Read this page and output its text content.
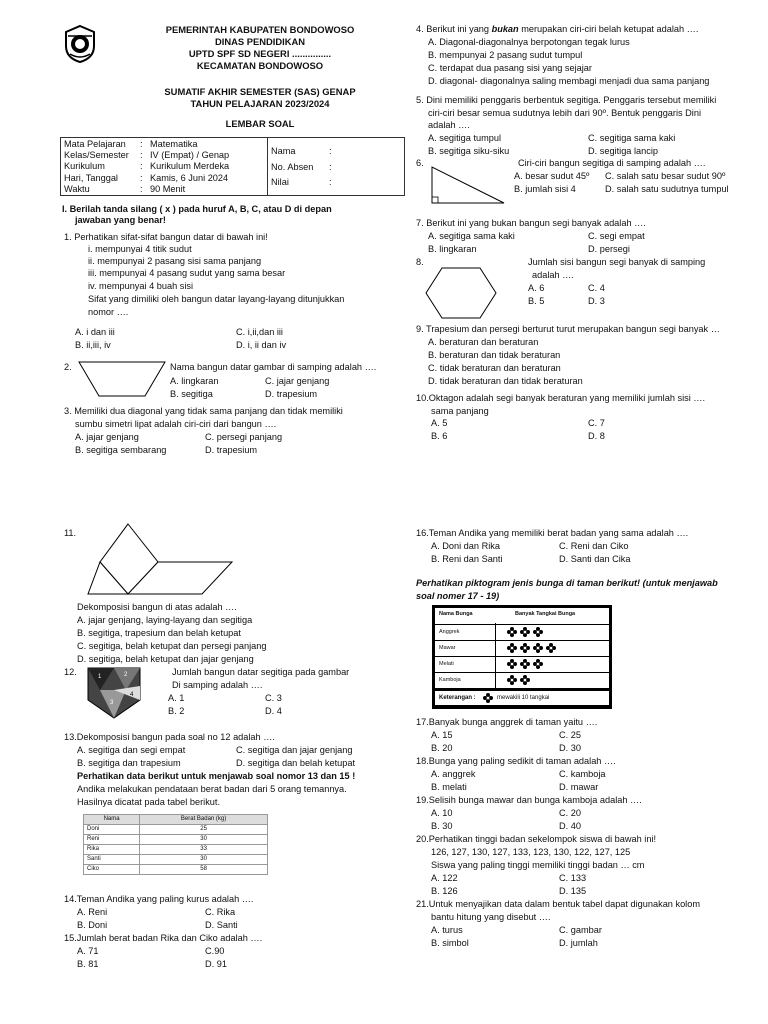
PEMERINTAH KABUPATEN BONDOWOSO
DINAS PENDIDIKAN
UPTD SPF SD NEGERI ...............
KECAMATAN BONDOWOSO
SUMATIF AKHIR SEMESTER (SAS) GENAP
TAHUN PELAJARAN 2023/2024
LEMBAR SOAL
Mata Pelajaran : Matematika
Kelas/Semester : IV (Empat) / Genap
Kurikulum	: Kurikulum Merdeka
Hari, Tanggal : Kamis, 6 Juni 2024
Waktu	: 90 Menit

Nama	:
No. Absen :
Nilai	:
I. Berilah tanda silang ( x ) pada huruf A, B, C, atau D di depan
jawaban yang benar!
1. Perhatikan sifat-sifat bangun datar di bawah ini!
i. mempunyai 4 titik sudut
ii. mempunyai 2 pasang sisi sama panjang
iii. mempunyai 4 pasang sudut yang sama besar
iv. mempunyai 4 buah sisi
Sifat yang dimiliki oleh bangun datar layang-layang ditunjukkan
nomor ….
A. i dan iii
B. ii,iii, iv
C. i,ii,dan iii
D. i, ii dan iv
2.	Nama bangun datar gambar di samping adalah ….
A. lingkaran
B. segitiga
C. jajar genjang
D. trapesium
3. Memiliki dua diagonal yang tidak sama panjang dan tidak memiliki
sumbu simetri lipat adalah ciri-ciri dari bangun ….
A. jajar genjang
B. segitiga sembarang
C. persegi panjang
D. trapesium
4. Berikut ini yang bukan merupakan ciri-ciri belah ketupat adalah ….
A. Diagonal-diagonalnya berpotongan tegak lurus
B. mempunyai 2 pasang sudut tumpul
C. terdapat dua pasang sisi yang sejajar
D. diagonal- diagonalnya saling membagi menjadi dua sama panjang
5. Dini memiliki penggaris berbentuk segitiga. Penggaris tersebut memiliki
ciri-ciri besar semua sudutnya lebih dari 90º. Bentuk penggaris Dini
adalah ….
A. segitiga tumpul
B. segitiga siku-siku
C. segitiga sama kaki
D. segitiga lancip
6.	Ciri-ciri bangun segitiga di samping adalah ….
A. besar sudut 45º C. salah satu besar sudut 90º
B. jumlah sisi 4	D. salah satu sudutnya tumpul
7. Berikut ini yang bukan bangun segi banyak adalah ….
A. segitiga sama kaki
B. lingkaran
C. segi empat
D. persegi
8.	Jumlah sisi bangun segi banyak di samping
adalah ….
A. 6
B. 5
C. 4
D. 3
9. Trapesium dan persegi berturut turut merupakan bangun segi banyak …
A. beraturan dan beraturan
B. beraturan dan tidak beraturan
C. tidak beraturan dan beraturan
D. tidak beraturan dan tidak beraturan
10.Oktagon adalah segi banyak beraturan yang memiliki jumlah sisi ….
sama panjang
A. 5
B. 6
C. 7
D. 8
11.
Dekomposisi bangun di atas adalah ….
A. jajar genjang, laying-layang dan segitiga
B. segitiga, trapesium dan belah ketupat
C. segitiga, belah ketupat dan persegi panjang
D. segitiga, belah ketupat dan jajar genjang
12.	1	2
3
4
Jumlah bangun datar segitiga pada gambar
Di samping adalah ….
A. 1
B. 2
C. 3
D. 4
13.Dekomposisi bangun pada soal no 12 adalah ….
A. segitiga dan segi empat
B. segitiga dan trapesium
C. segitiga dan jajar genjang
D. segitiga dan belah ketupat
Perhatikan data berikut untuk menjawab soal nomor 13 dan 15 !
Andika melakukan pendataan berat badan dari 5 orang temannya.
Hasilnya dicatat pada tabel berikut.
Nama	Berat Badan (kg)
Doni	25
Reni	30
Rika	33
Santi	30
Ciko	58
14.Teman Andika yang paling kurus adalah ….
A. Reni
B. Doni
C. Rika
D. Santi
15.Jumlah berat badan Rika dan Ciko adalah ….
A. 71
B. 81
C.90
D. 91
16.Teman Andika yang memiliki berat badan yang sama adalah ….
A. Doni dan Rika
B. Reni dan Santi
C. Reni dan Ciko
D. Santi dan Cika
Perhatikan piktogram jenis bunga di taman berikut! (untuk menjawab
soal nomer 17 - 19)
Nama Bunga	Banyak Tangkai Bunga
Anggrek
Mawar
Melati
Kamboja
Keterangan :	mewakili 10 tangkai
17.Banyak bunga anggrek di taman yaitu ….
A. 15
B. 20
C. 25
D. 30
18.Bunga yang paling sedikit di taman adalah ….
A. anggrek
B. melati
C. kamboja
D. mawar
19.Selisih bunga mawar dan bunga kamboja adalah ….
A. 10
B. 30
C. 20
D. 40
20.Perhatikan tinggi badan sekelompok siswa di bawah ini!
126, 127, 130, 127, 133, 123, 130, 122, 127, 125
Siswa yang paling tinggi memiliki tinggi badan … cm
A. 122
B. 126
C. 133
D. 135
21.Untuk menyajikan data dalam bentuk tabel dapat digunakan kolom
bantu hitung yang disebut ….
A. turus
B. simbol
C. gambar
D. jumlah
